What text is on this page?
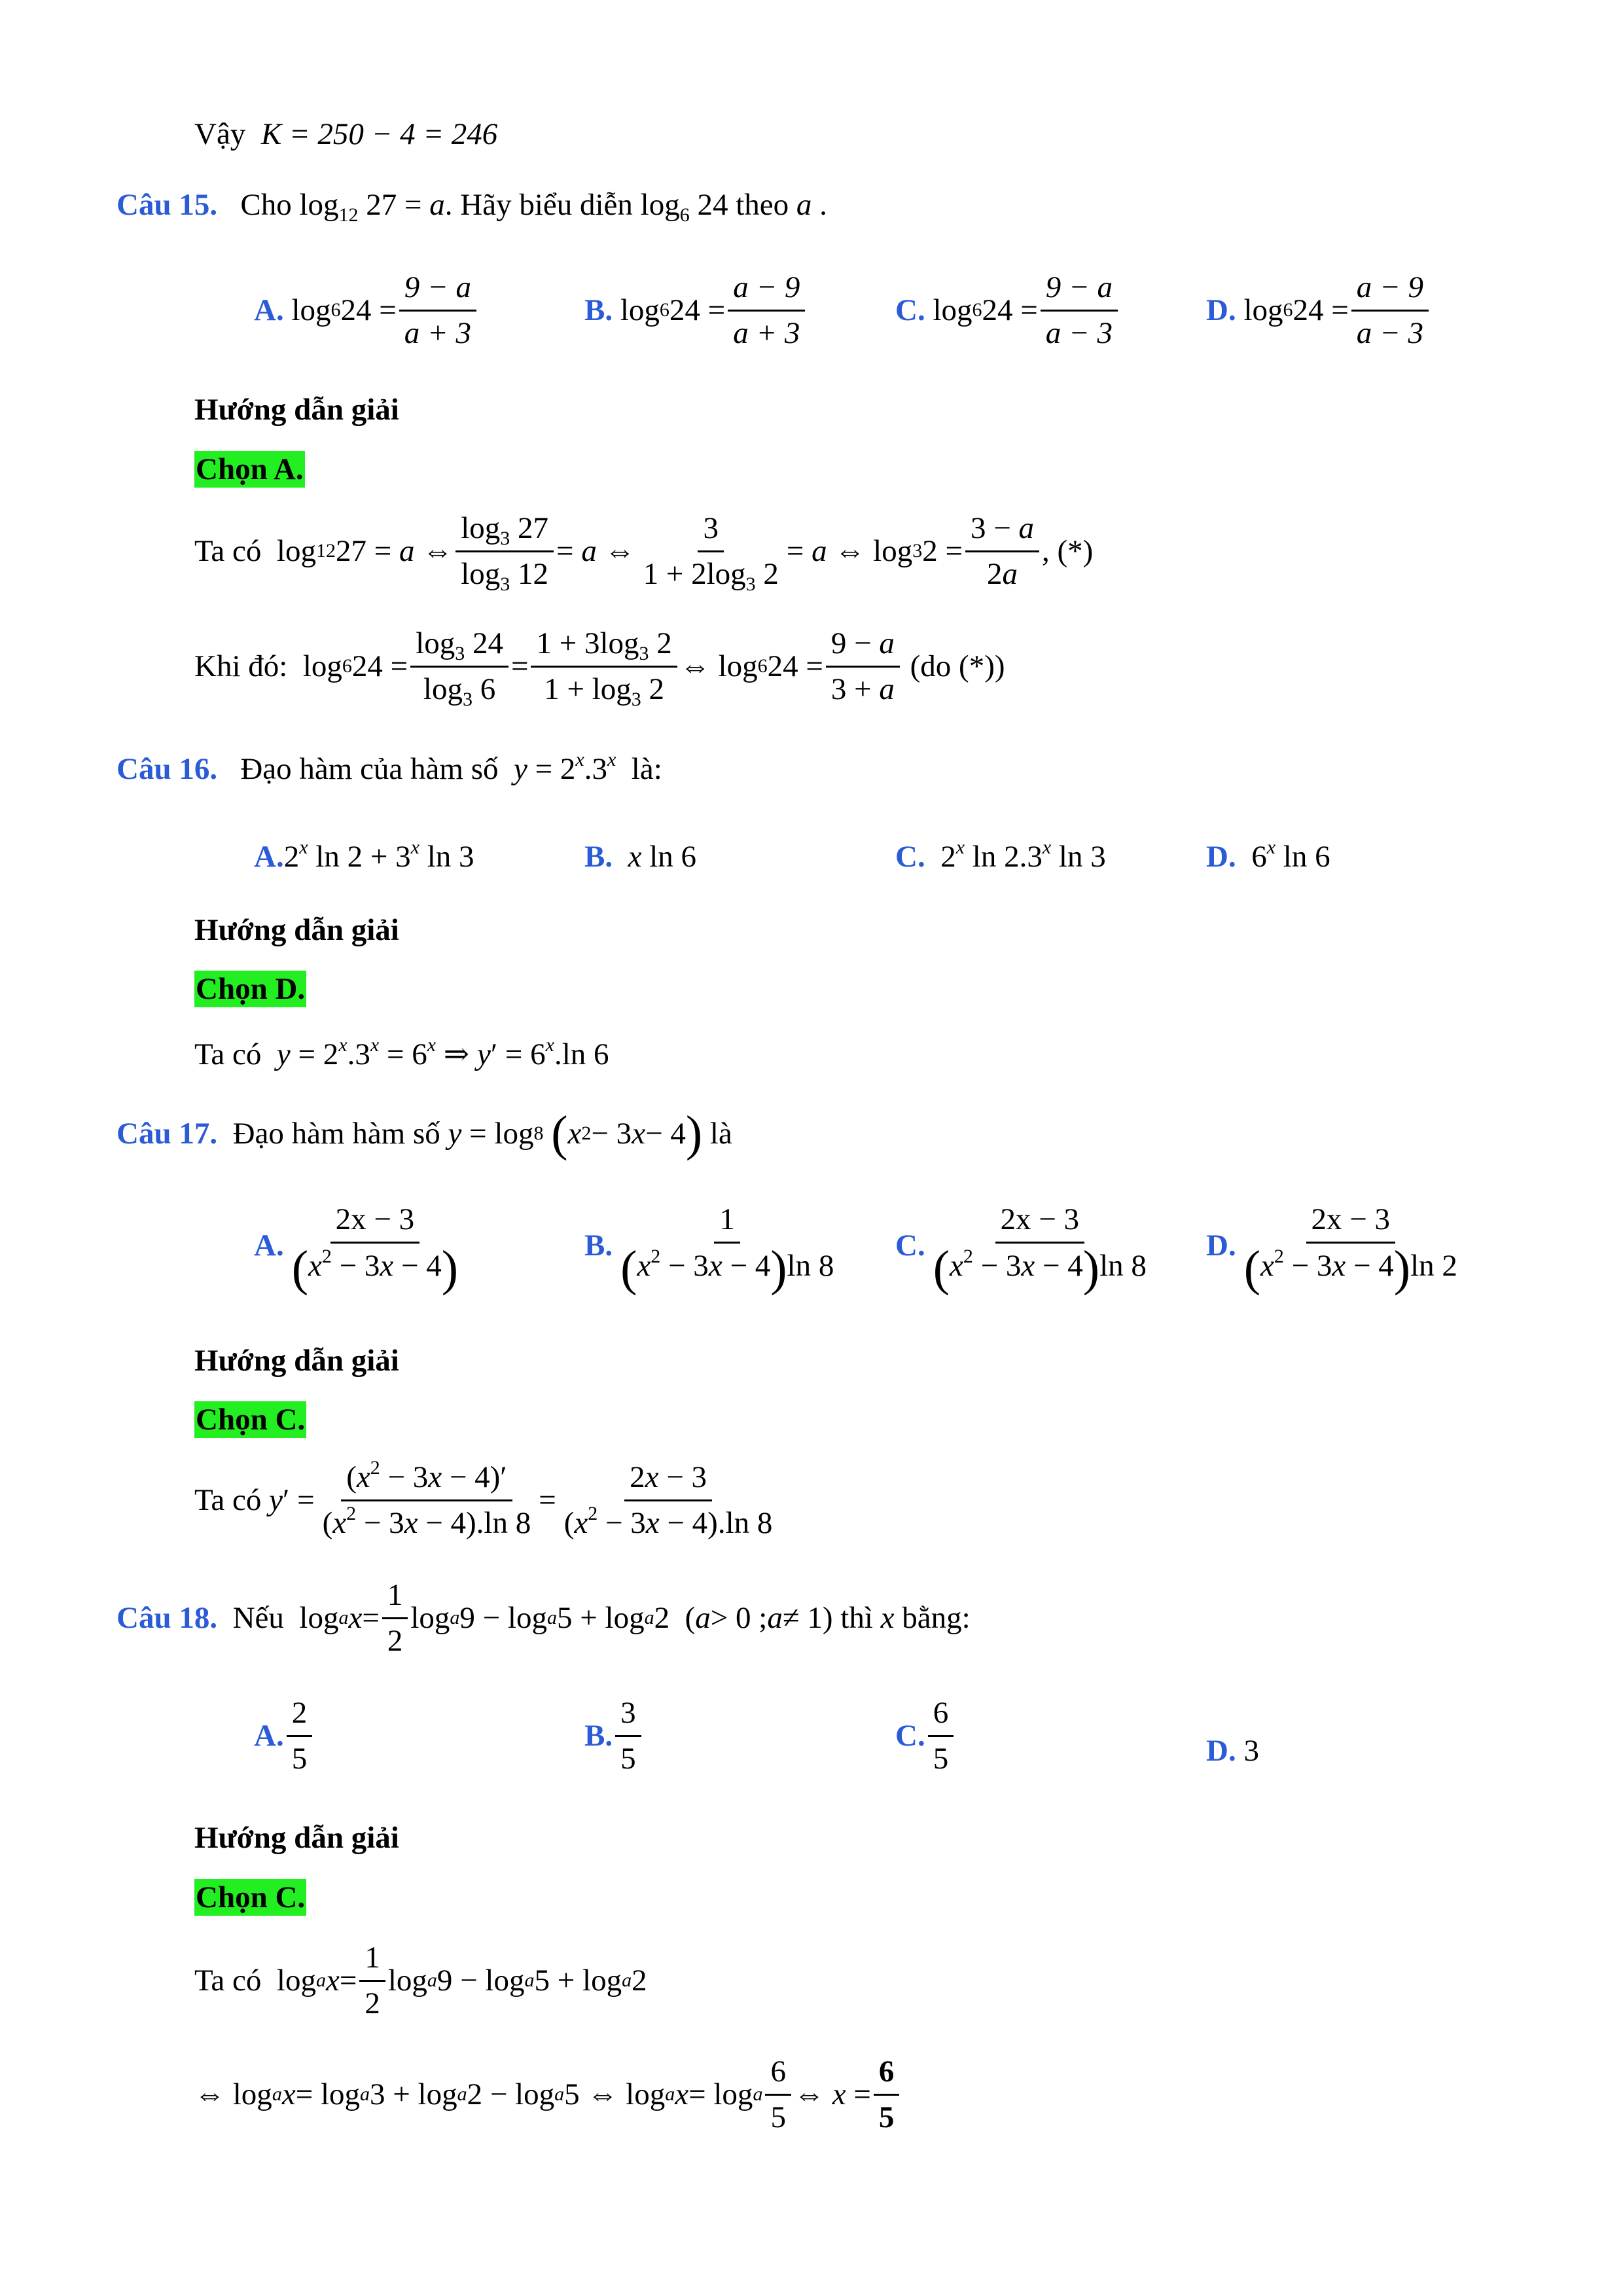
Vậy K = 250 − 4 = 246
Câu 15. Cho $\log_{12} 27 = a$. Hãy biểu diễn $\log_6 24$ theo a .
A. log 6 $24 = \frac{9 - a}{a + 3}$	B. log 6 $24 = \frac{a - 9}{a + 3}$	C. log 6 $24 = \frac{9 - a}{a - 3}$	D. log 6 $24 = \frac{a - 9}{a - 3}$
Hướng dẫn giải
Chọn A.
Ta có log 12 27 = a ⇔ $\frac{\log_3 27}{\log_3 12} = a$ ⇔ $\frac{3}{1 + 2\log_3 2} = a$ ⇔ log 3 $2 = \frac{3 - a}{2a}$ , (*)
Khi đó: log 6 $24 = \frac{\log_3 24}{\log_3 6} = \frac{1 + 3\log_3 2}{1 + \log_3 2}$ ⇔ log 6 $24 = \frac{9 - a}{3 + a}$
(do (*))
Câu 16. Đạo hàm của hàm số $y = 2^x.3^x$ là:
A.2$^x$ $\ln 2 + 3^x$ ln 3	B. x ln 6	C.  2$^x$ ln 2.3$^x$ ln 3	D.  6$^x$ ln 6
Hướng dẫn giải
Chọn D.
Ta có $y = 2^x.3^x = 6^x$ ⇒ $y' = 6^x.\ln$ 6
Câu 17.
Đạo hàm hàm số
y = log 8
( x 2 − 3 x − 4 )
là
A. $\frac{2x - 3}{(x^2 - 3x - 4)}$	B. $\frac{1}{(x^2 - 3x - 4)\ln 8} C$. $\frac{2x - 3}{(x^2 - 3x - 4)\ln 8} D$. $\frac{2x - 3}{(x^2 - 3x - 4)\ln 2}$
Hướng dẫn giải
Chọn C.
Ta có
y ′ = $\frac{(x^2 - 3x - 4)'}{(x^2 - 3x - 4).\ln 8} = \frac{2x - 3}{(x^2 - 3x - 4).\ln 8}$
Câu 18.
Nếu log a $x = \frac{1}{2}$ log a 9 − log a 5 + log a 2  ( a > 0 ; a ≠ 1) thì
x
bằng:
A. $\frac{2}{5}$	B. $\frac{3}{5}$	C. $\frac{6}{5}$	D. 3
Hướng dẫn giải
Chọn C.
Ta có log a $x = \frac{1}{2}$ log a 9 − log a 5 + log a 2
⇔ log a x = log a 3 + log a 2 − log a 5 ⇔ log a x = log a $\frac{6}{5}$ ⇔ $x = \frac{6}{5}$
